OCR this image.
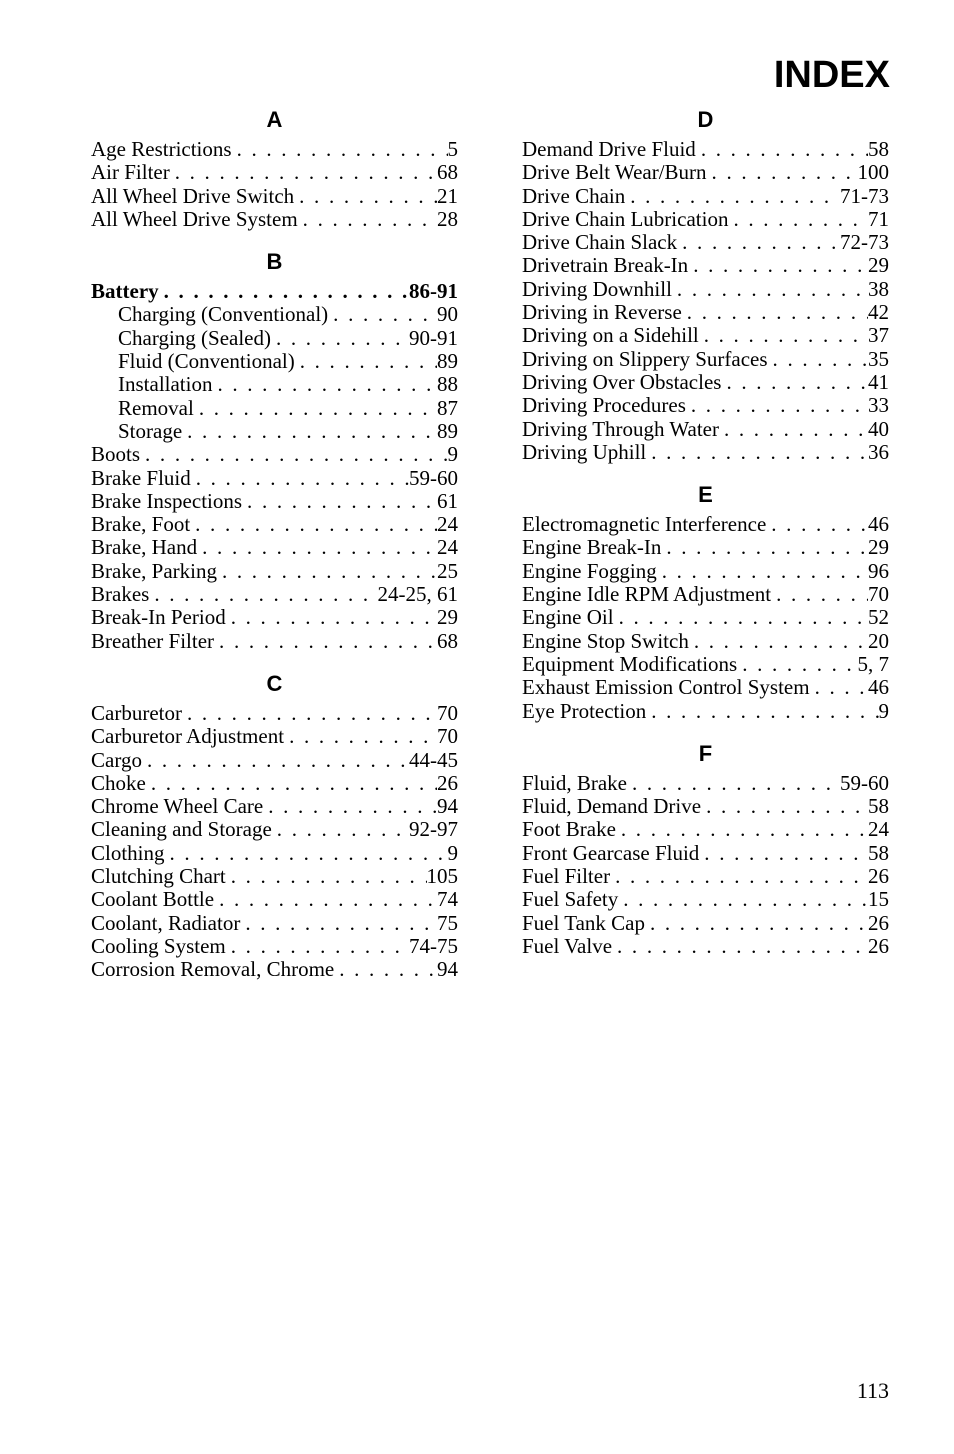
INDEX
A
Age Restrictions . . .	5
Air Filter . . .	68
All Wheel Drive Switch . . .	21
All Wheel Drive System . . .	28
B
Battery . . .	86-91
Charging (Conventional) . . .	90
Charging (Sealed) . . .	90-91
Fluid (Conventional) . . .	89
Installation . . .	88
Removal . . .	87
Storage . . .	89
Boots . . .	9
Brake Fluid . . .	59-60
Brake Inspections . . .	61
Brake, Foot . . .	24
Brake, Hand . . .	24
Brake, Parking . . .	25
Brakes . . .	24-25, 61
Break-In Period . . .	29
Breather Filter . . .	68
C
Carburetor . . .	70
Carburetor Adjustment . . .	70
Cargo . . .	44-45
Choke . . .	26
Chrome Wheel Care . . .	94
Cleaning and Storage . . .	92-97
Clothing . . .	9
Clutching Chart . . .	105
Coolant Bottle . . .	74
Coolant, Radiator . . .	75
Cooling System . . .	74-75
Corrosion Removal, Chrome . . .	94
D
Demand Drive Fluid . . .	58
Drive Belt Wear/Burn . . .	100
Drive Chain . . .	71-73
Drive Chain Lubrication . . .	71
Drive Chain Slack . . .	72-73
Drivetrain Break-In . . .	29
Driving Downhill . . .	38
Driving in Reverse . . .	42
Driving on a Sidehill . . .	37
Driving on Slippery Surfaces . . .	35
Driving Over Obstacles . . .	41
Driving Procedures . . .	33
Driving Through Water . . .	40
Driving Uphill . . .	36
E
Electromagnetic Interference . . .	46
Engine Break-In . . .	29
Engine Fogging . . .	96
Engine Idle RPM Adjustment . . .	70
Engine Oil . . .	52
Engine Stop Switch . . .	20
Equipment Modifications . . .	5, 7
Exhaust Emission Control System . . .	46
Eye Protection . . .	9
F
Fluid, Brake . . .	59-60
Fluid, Demand Drive . . .	58
Foot Brake . . .	24
Front Gearcase Fluid . . .	58
Fuel Filter . . .	26
Fuel Safety . . .	15
Fuel Tank Cap . . .	26
Fuel Valve . . .	26
113
